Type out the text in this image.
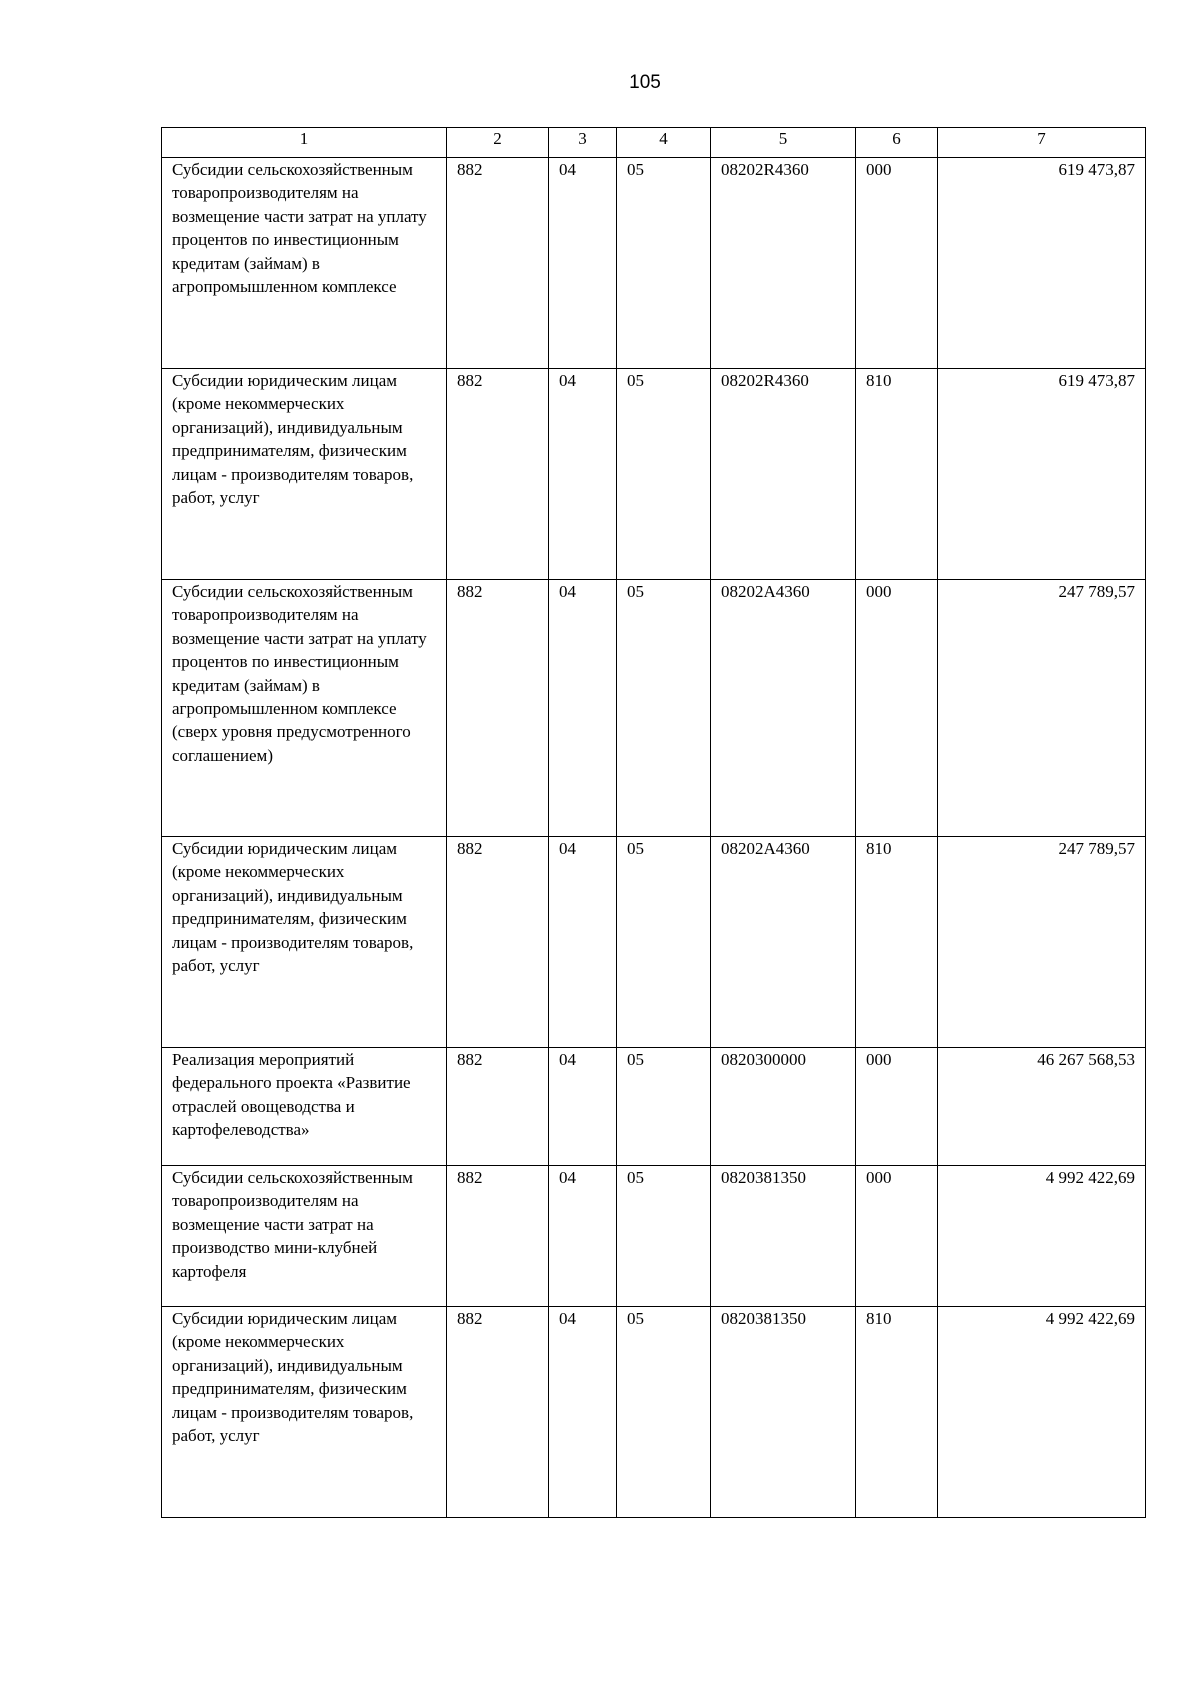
105
1	2	3	4	5	6	7
Субсидии сельскохозяйственным товаропроизводителям на возмещение части затрат на уплату процентов по инвестиционным кредитам (займам) в агропромышленном комплексе	882	04	05	08202R4360	000	619 473,87
Субсидии юридическим лицам (кроме некоммерческих организаций), индивидуальным предпринимателям, физическим лицам - производителям товаров, работ, услуг	882	04	05	08202R4360	810	619 473,87
Субсидии сельскохозяйственным товаропроизводителям на возмещение части затрат на уплату процентов по инвестиционным кредитам (займам) в агропромышленном комплексе (сверх уровня предусмотренного соглашением)	882	04	05	08202A4360	000	247 789,57
Субсидии юридическим лицам (кроме некоммерческих организаций), индивидуальным предпринимателям, физическим лицам - производителям товаров, работ, услуг	882	04	05	08202A4360	810	247 789,57
Реализация мероприятий федерального проекта «Развитие отраслей овощеводства и картофелеводства»	882	04	05	0820300000	000	46 267 568,53
Субсидии сельскохозяйственным товаропроизводителям на возмещение части затрат на производство мини-клубней картофеля	882	04	05	0820381350	000	4 992 422,69
Субсидии юридическим лицам (кроме некоммерческих организаций), индивидуальным предпринимателям, физическим лицам - производителям товаров, работ, услуг	882	04	05	0820381350	810	4 992 422,69
